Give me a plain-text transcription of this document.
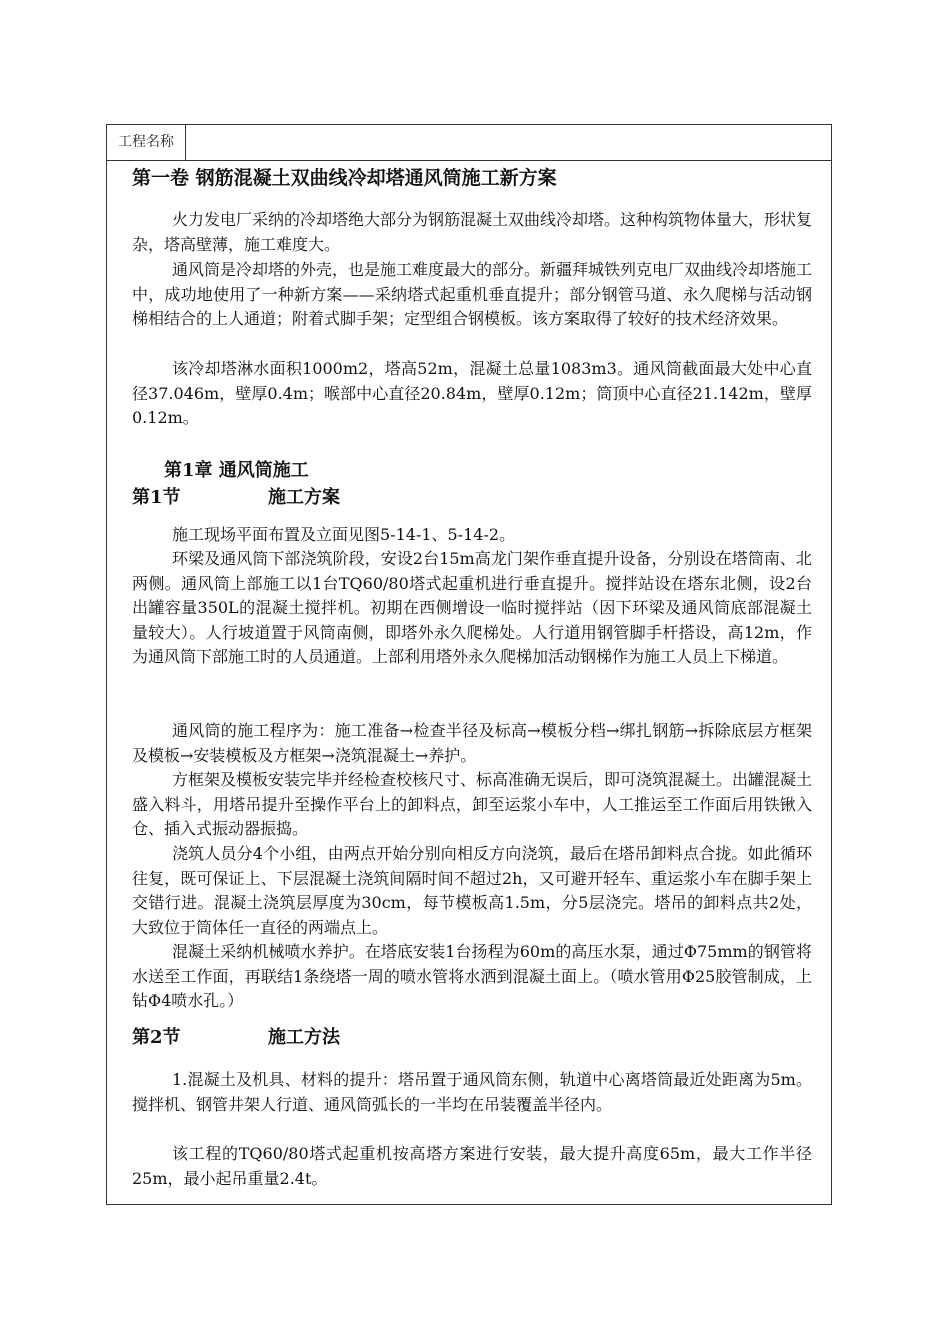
工程名称
第一卷 钢筋混凝土双曲线冷却塔通风筒施工新方案

火力发电厂采纳的冷却塔绝大部分为钢筋混凝土双曲线冷却塔。这种构筑物体量大，形状复杂，塔高壁薄，施工难度大。

通风筒是冷却塔的外壳，也是施工难度最大的部分。新疆拜城铁列克电厂双曲线冷却塔施工中，成功地使用了一种新方案——采纳塔式起重机垂直提升；部分钢管马道、永久爬梯与活动钢梯相结合的上人通道；附着式脚手架；定型组合钢模板。该方案取得了较好的技术经济效果。

该冷却塔淋水面积1000m2，塔高52m，混凝土总量1083m3。通风筒截面最大处中心直径37.046m，壁厚0.4m；喉部中心直径20.84m，壁厚0.12m；筒顶中心直径21.142m，壁厚0.12m。

第1章 通风筒施工
第1节	施工方案

施工现场平面布置及立面见图5-14-1、5-14-2。

环梁及通风筒下部浇筑阶段，安设2台15m高龙门架作垂直提升设备，分别设在塔筒南、北两侧。通风筒上部施工以1台TQ60/80塔式起重机进行垂直提升。搅拌站设在塔东北侧，设2台出罐容量350L的混凝土搅拌机。初期在西侧增设一临时搅拌站（因下环梁及通风筒底部混凝土量较大）。人行坡道置于风筒南侧，即塔外永久爬梯处。人行道用钢管脚手杆搭设，高12m，作为通风筒下部施工时的人员通道。上部利用塔外永久爬梯加活动钢梯作为施工人员上下梯道。

通风筒的施工程序为：施工准备→检查半径及标高→模板分档→绑扎钢筋→拆除底层方框架及模板→安装模板及方框架→浇筑混凝土→养护。

方框架及模板安装完毕并经检查校核尺寸、标高准确无误后，即可浇筑混凝土。出罐混凝土盛入料斗，用塔吊提升至操作平台上的卸料点，卸至运浆小车中，人工推运至工作面后用铁锹入仓、插入式振动器振捣。

浇筑人员分4个小组，由两点开始分别向相反方向浇筑，最后在塔吊卸料点合拢。如此循环往复，既可保证上、下层混凝土浇筑间隔时间不超过2h，又可避开轻车、重运浆小车在脚手架上交错行进。混凝土浇筑层厚度为30cm，每节模板高1.5m，分5层浇完。塔吊的卸料点共2处，大致位于筒体任一直径的两端点上。

混凝土采纳机械喷水养护。在塔底安装1台扬程为60m的高压水泵，通过Φ75mm的钢管将水送至工作面，再联结1条绕塔一周的喷水管将水洒到混凝土面上。（喷水管用Φ25胶管制成，上钻Φ4喷水孔。）

第2节	施工方法

1.混凝土及机具、材料的提升：塔吊置于通风筒东侧，轨道中心离塔筒最近处距离为5m。搅拌机、钢管井架人行道、通风筒弧长的一半均在吊装覆盖半径内。

该工程的TQ60/80塔式起重机按高塔方案进行安装，最大提升高度65m，最大工作半径25m，最小起吊重量2.4t。
